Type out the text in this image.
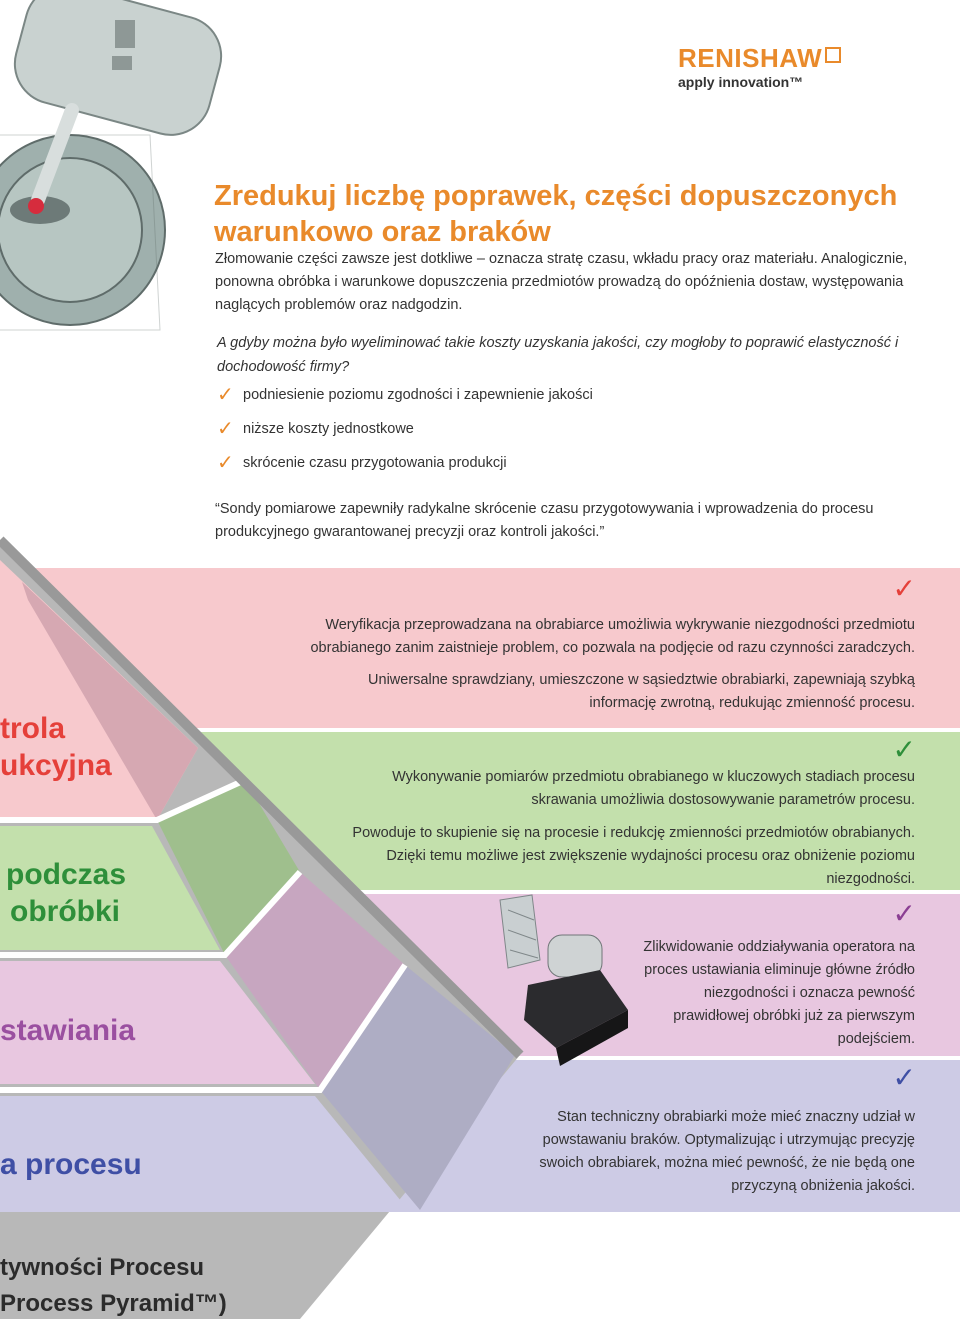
RENISHAW
apply innovation™
Zredukuj liczbę poprawek, części dopuszczonych warunkowo oraz braków
Złomowanie części zawsze jest dotkliwe – oznacza stratę czasu, wkładu pracy oraz materiału. Analogicznie, ponowna obróbka i warunkowe dopuszczenia przedmiotów prowadzą do opóźnienia dostaw, występowania naglących problemów oraz nadgodzin.
A gdyby można było wyeliminować takie koszty uzyskania jakości, czy mogłoby to poprawić elastyczność i dochodowość firmy?
✓ podniesienie poziomu zgodności i zapewnienie jakości
✓ niższe koszty jednostkowe
✓ skrócenie czasu przygotowania produkcji
“Sondy pomiarowe zapewniły radykalne skrócenie czasu przygotowywania i wprowadzenia do procesu produkcyjnego gwarantowanej precyzji oraz kontroli jakości.”
✓
Weryfikacja przeprowadzana na obrabiarce umożliwia wykrywanie niezgodności przedmiotu obrabianego zanim zaistnieje problem, co pozwala na podjęcie od razu czynności zaradczych.
Uniwersalne sprawdziany, umieszczone w sąsiedztwie obrabiarki, zapewniają szybką informację zwrotną, redukując zmienność procesu.
trola
ukcyjna	✓
Wykonywanie pomiarów przedmiotu obrabianego w kluczowych stadiach procesu skrawania umożliwia dostosowywanie parametrów procesu.
Powoduje to skupienie się na procesie i redukcję zmienności przedmiotów obrabianych. Dzięki temu możliwe jest zwiększenie wydajności procesu oraz obniżenie poziomu niezgodności.
podczas
obróbki	✓
Zlikwidowanie oddziaływania operatora na proces ustawiania eliminuje główne źródło niezgodności i oznacza pewność prawidłowej obróbki już za pierwszym podejściem.
stawiania
✓
Stan techniczny obrabiarki może mieć znaczny udział w powstawaniu braków. Optymalizując i utrzymując precyzję swoich obrabiarek, można mieć pewność, że nie będą one przyczyną obniżenia jakości.
a procesu
tywności Procesu
Process Pyramid™)
